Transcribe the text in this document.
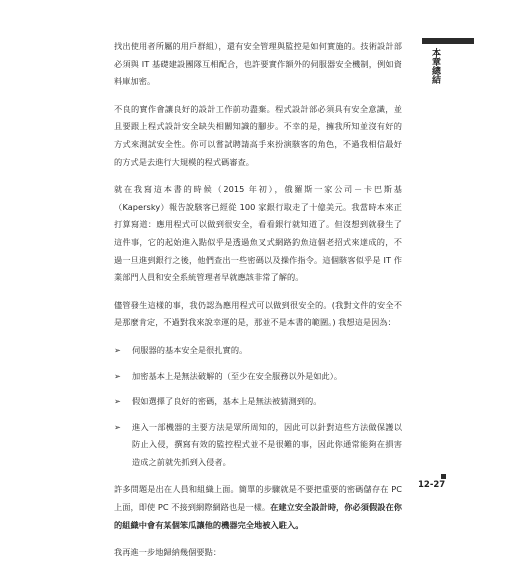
本章總結

找出使用者所屬的用戶群組），還有安全管理與監控是如何實施的。技術設計部必須與 IT 基礎建設團隊互相配合，也許要實作額外的伺服器安全機制，例如資料庫加密。

不良的實作會讓良好的設計工作前功盡棄。程式設計部必須具有安全意識，並且要跟上程式設計安全缺失相關知識的腳步。不幸的是，擁我所知並沒有好的方式來測試安全性。你可以嘗試聘請高手來扮演駭客的角色，不過我相信最好的方式是去進行大規模的程式碼審查。

就在我寫這本書的時候（2015 年初），俄羅斯一家公司－卡巴斯基（Kapersky）報告說駭客已經從 100 家銀行取走了十億美元。我當時本來正打算寫道：應用程式可以做到很安全，看看銀行就知道了。但沒想到就發生了這件事，它的起始進入點似乎是透過魚叉式網路釣魚這個老招式來達成的，不過一旦進到銀行之後，他們查出一些密碼以及操作指令。這個駭客似乎是 IT 作業部門人員和安全系統管理者早就應該非常了解的。

儘管發生這樣的事，我仍認為應用程式可以做到很安全的。(我對文件的安全不是那麼肯定，不過對我來說幸運的是，那並不是本書的範圍。) 我想這是因為：

➢ 伺服器的基本安全是很扎實的。
➢ 加密基本上是無法破解的（至少在安全服務以外是如此）。
➢ 假如選擇了良好的密碼，基本上是無法被猜測到的。
➢ 進入一部機器的主要方法是眾所周知的，因此可以針對這些方法做保護以防止入侵，撰寫有效的監控程式並不是很難的事，因此你通常能夠在損害造成之前就先抓到入侵者。

許多問題是出在人員和組織上面。簡單的步驟就是不要把重要的密碼儲存在 PC 上面，即使 PC 不接到網際網路也是一樣。在建立安全設計時，你必須假設在你的組織中會有某個笨瓜讓他的機器完全地被入駐入。

我再進一步地歸納幾個要點：

12-27
